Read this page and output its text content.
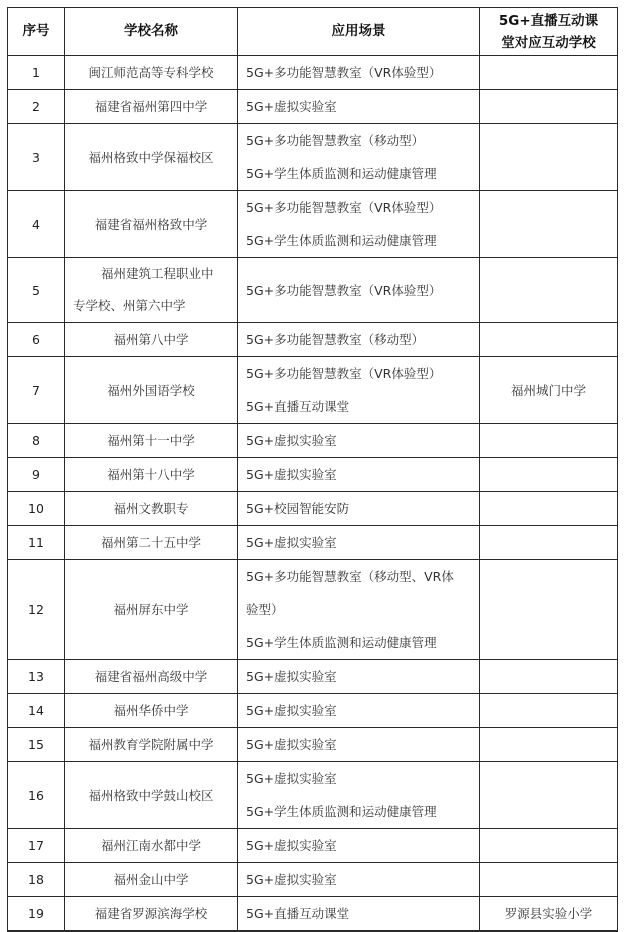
序号	学校名称	应用场景	5G+直播互动课
堂对应互动学校

1	闽江师范高等专科学校	5G+多功能智慧教室（VR体验型）	

2	福建省福州第四中学	5G+虚拟实验室	

3	福州格致中学保福校区	5G+多功能智慧教室（移动型）
5G+学生体质监测和运动健康管理	

4	福建省福州格致中学	5G+多功能智慧教室（VR体验型）
5G+学生体质监测和运动健康管理	

5	福州建筑工程职业中
专学校、州第六中学	5G+多功能智慧教室（VR体验型）	

6	福州第八中学	5G+多功能智慧教室（移动型）	

7	福州外国语学校	5G+多功能智慧教室（VR体验型）
5G+直播互动课堂	福州城门中学
8	福州第十一中学	5G+虚拟实验室	

9	福州第十八中学	5G+虚拟实验室	

10	福州文教职专	5G+校园智能安防	

11	福州第二十五中学	5G+虚拟实验室	

12	福州屏东中学	5G+多功能智慧教室（移动型、VR体
验型）
5G+学生体质监测和运动健康管理	

13	福建省福州高级中学	5G+虚拟实验室	

14	福州华侨中学	5G+虚拟实验室	

15	福州教育学院附属中学	5G+虚拟实验室	

16	福州格致中学鼓山校区	5G+虚拟实验室
5G+学生体质监测和运动健康管理	

17	福州江南水都中学	5G+虚拟实验室	

18	福州金山中学	5G+虚拟实验室	

19	福建省罗源滨海学校	5G+直播互动课堂	罗源县实验小学
